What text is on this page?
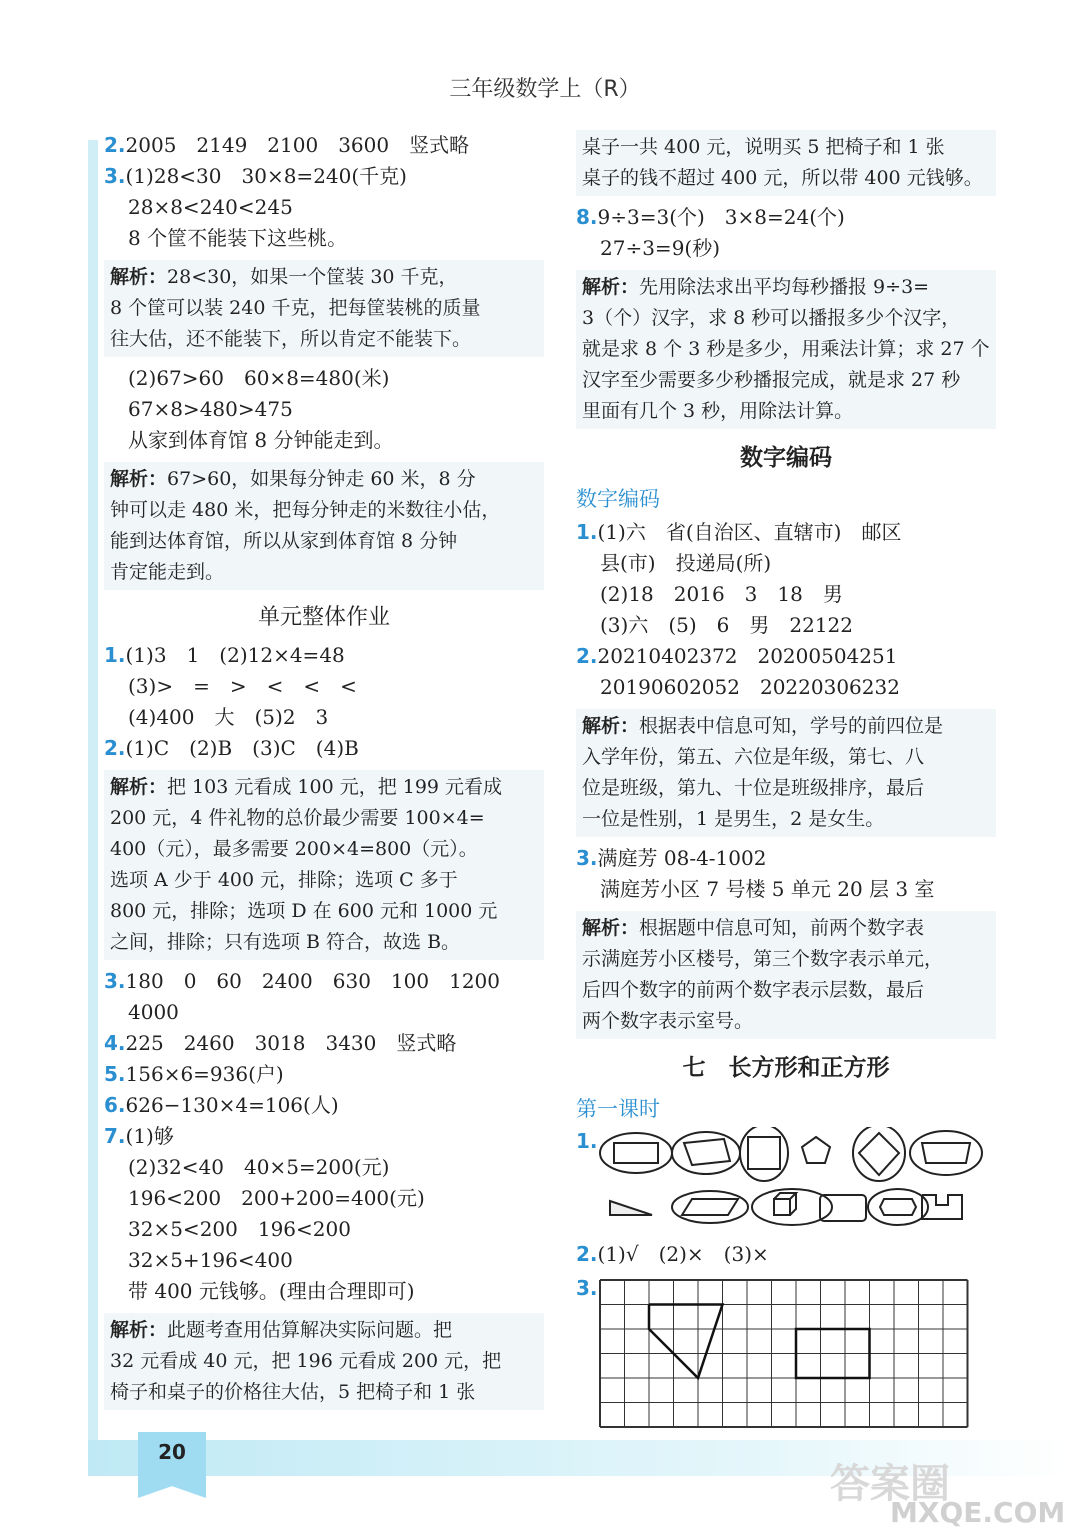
20
三年级数学上（R）
2.2005　2149　2100　3600　竖式略
3.(1)28<30　30×8=240(千克)
28×8<240<245
8 个筐不能装下这些桃。
解析：28<30，如果一个筐装 30 千克，
8 个筐可以装 240 千克，把每筐装桃的质量
往大估，还不能装下，所以肯定不能装下。
(2)67>60　60×8=480(米)
67×8>480>475
从家到体育馆 8 分钟能走到。
解析：67>60，如果每分钟走 60 米，8 分
钟可以走 480 米，把每分钟走的米数往小估，
能到达体育馆，所以从家到体育馆 8 分钟
肯定能走到。
单元整体作业
1.(1)3　1　(2)12×4=48
(3)>　=　>　<　<　<
(4)400　大　(5)2　3
2.(1)C　(2)B　(3)C　(4)B
解析：把 103 元看成 100 元，把 199 元看成
200 元，4 件礼物的总价最少需要 100×4=
400（元），最多需要 200×4=800（元）。
选项 A 少于 400 元，排除；选项 C 多于
800 元，排除；选项 D 在 600 元和 1000 元
之间，排除；只有选项 B 符合，故选 B。
3.180　0　60　2400　630　100　1200
4000
4.225　2460　3018　3430　竖式略
5.156×6=936(户)
6.626−130×4=106(人)
7.(1)够
(2)32<40　40×5=200(元)
196<200　200+200=400(元)
32×5<200　196<200
32×5+196<400
带 400 元钱够。(理由合理即可)
解析：此题考查用估算解决实际问题。把
32 元看成 40 元，把 196 元看成 200 元，把
椅子和桌子的价格往大估，5 把椅子和 1 张
桌子一共 400 元，说明买 5 把椅子和 1 张
桌子的钱不超过 400 元，所以带 400 元钱够。
8.9÷3=3(个)　3×8=24(个)
27÷3=9(秒)
解析：先用除法求出平均每秒播报 9÷3=
3（个）汉字，求 8 秒可以播报多少个汉字，
就是求 8 个 3 秒是多少，用乘法计算；求 27 个
汉字至少需要多少秒播报完成，就是求 27 秒
里面有几个 3 秒，用除法计算。
数字编码
数字编码
1.(1)六　省(自治区、直辖市)　邮区
县(市)　投递局(所)
(2)18　2016　3　18　男
(3)六　(5)　6　男　22122
2.20210402372　20200504251
20190602052　20220306232
解析：根据表中信息可知，学号的前四位是
入学年份，第五、六位是年级，第七、八
位是班级，第九、十位是班级排序，最后
一位是性别，1 是男生，2 是女生。
3.满庭芳 08-4-1002
满庭芳小区 7 号楼 5 单元 20 层 3 室
解析：根据题中信息可知，前两个数字表
示满庭芳小区楼号，第三个数字表示单元，
后四个数字的前两个数字表示层数，最后
两个数字表示室号。
七　长方形和正方形
第一课时
1.
2.(1)√　(2)×　(3)×
3.
答案圈
MXQE.COM
